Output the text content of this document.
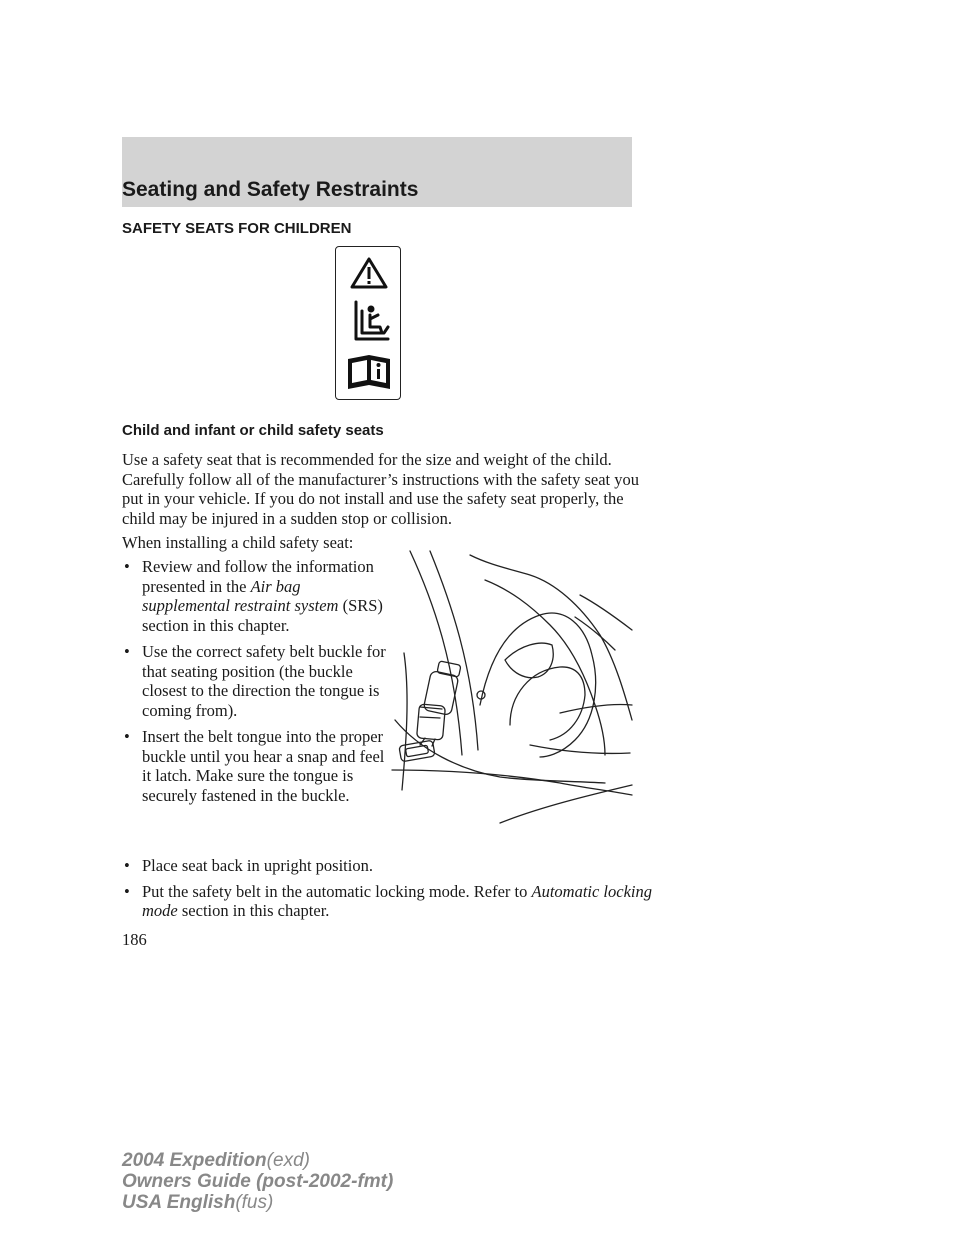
Seating and Safety Restraints
SAFETY SEATS FOR CHILDREN
Child and infant or child safety seats
Use a safety seat that is recommended for the size and weight of the child. Carefully follow all of the manufacturer’s instructions with the safety seat you put in your vehicle. If you do not install and use the safety seat properly, the child may be injured in a sudden stop or collision.
When installing a child safety seat:
• Review and follow the information presented in the Air bag supplemental restraint system (SRS) section in this chapter.
• Use the correct safety belt buckle for that seating position (the buckle closest to the direction the tongue is coming from).
• Insert the belt tongue into the proper buckle until you hear a snap and feel it latch. Make sure the tongue is securely fastened in the buckle.
• Place seat back in upright position.
• Put the safety belt in the automatic locking mode. Refer to Automatic locking mode section in this chapter.
186
2004 Expedition(exd)
Owners Guide (post-2002-fmt)
USA English(fus)
